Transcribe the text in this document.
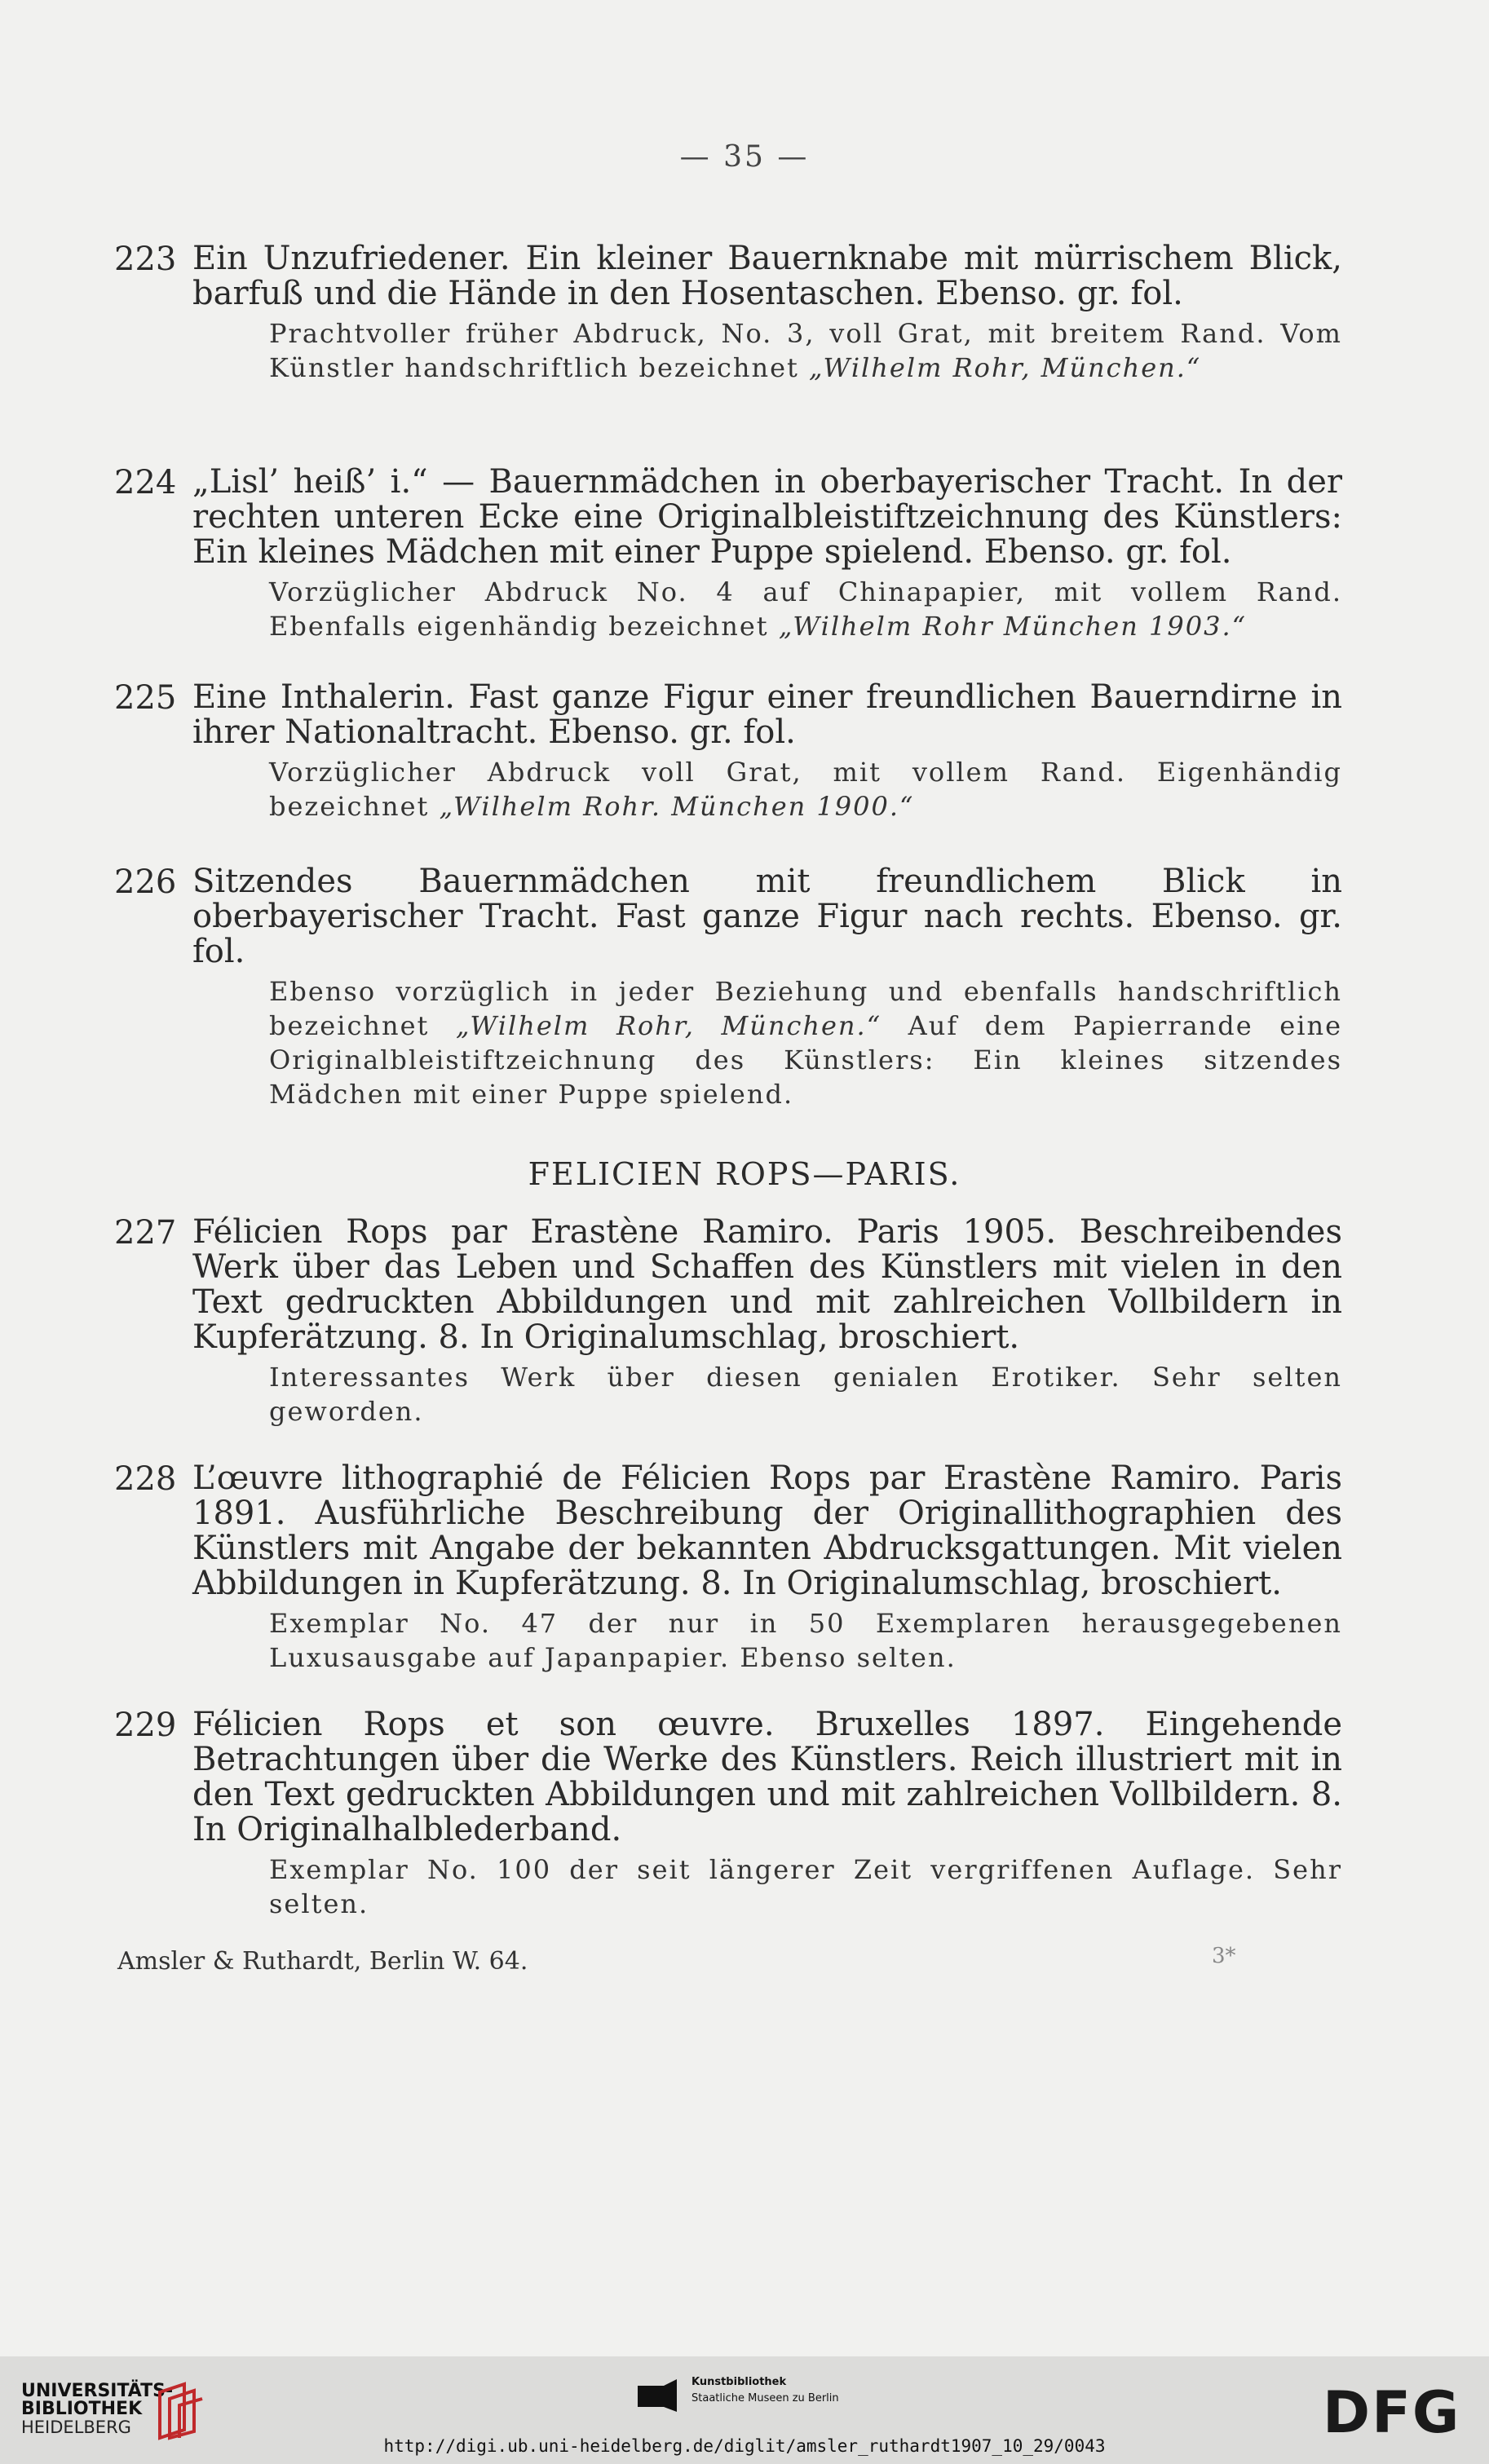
— 35 —
223 Ein Unzufriedener. Ein kleiner Bauernknabe mit mürrischem Blick, barfuß und die Hände in den Hosentaschen. Ebenso. gr. fol.
Prachtvoller früher Abdruck, No. 3, voll Grat, mit breitem Rand. Vom Künstler handschriftlich bezeichnet „Wilhelm Rohr, München.“
224 „Lisl’ heiß’ i.“ — Bauernmädchen in oberbayerischer Tracht. In der rechten unteren Ecke eine Originalbleistiftzeichnung des Künstlers: Ein kleines Mädchen mit einer Puppe spielend. Ebenso. gr. fol.
Vorzüglicher Abdruck No. 4 auf Chinapapier, mit vollem Rand. Ebenfalls eigenhändig bezeichnet „Wilhelm Rohr München 1903.“
225 Eine Inthalerin. Fast ganze Figur einer freundlichen Bauerndirne in ihrer Nationaltracht. Ebenso. gr. fol.
Vorzüglicher Abdruck voll Grat, mit vollem Rand. Eigenhändig bezeichnet „Wilhelm Rohr. München 1900.“
226 Sitzendes Bauernmädchen mit freundlichem Blick in oberbayerischer Tracht. Fast ganze Figur nach rechts. Ebenso. gr. fol.
Ebenso vorzüglich in jeder Beziehung und ebenfalls handschriftlich bezeichnet „Wilhelm Rohr, München.“ Auf dem Papierrande eine Originalbleistiftzeichnung des Künstlers: Ein kleines sitzendes Mädchen mit einer Puppe spielend.
FELICIEN ROPS—PARIS.
227 Félicien Rops par Erastène Ramiro. Paris 1905. Beschreibendes Werk über das Leben und Schaffen des Künstlers mit vielen in den Text gedruckten Abbildungen und mit zahlreichen Vollbildern in Kupferätzung. 8. In Originalumschlag, broschiert.
Interessantes Werk über diesen genialen Erotiker. Sehr selten geworden.
228 L’œuvre lithographié de Félicien Rops par Erastène Ramiro. Paris 1891. Ausführliche Beschreibung der Originallithographien des Künstlers mit Angabe der bekannten Abdrucksgattungen. Mit vielen Abbildungen in Kupferätzung. 8. In Originalumschlag, broschiert.
Exemplar No. 47 der nur in 50 Exemplaren herausgegebenen Luxusausgabe auf Japanpapier. Ebenso selten.
229 Félicien Rops et son œuvre. Bruxelles 1897. Eingehende Betrachtungen über die Werke des Künstlers. Reich illustriert mit in den Text gedruckten Abbildungen und mit zahlreichen Vollbildern. 8. In Originalhalblederband.
Exemplar No. 100 der seit längerer Zeit vergriffenen Auflage. Sehr selten.
Amsler & Ruthardt, Berlin W. 64.	3*
UNIVERSITÄTS-
BIBLIOTHEK
HEIDELBERG
Kunstbibliothek
Staatliche Museen zu Berlin	DFG
http://digi.ub.uni-heidelberg.de/diglit/amsler_ruthardt1907_10_29/0043
